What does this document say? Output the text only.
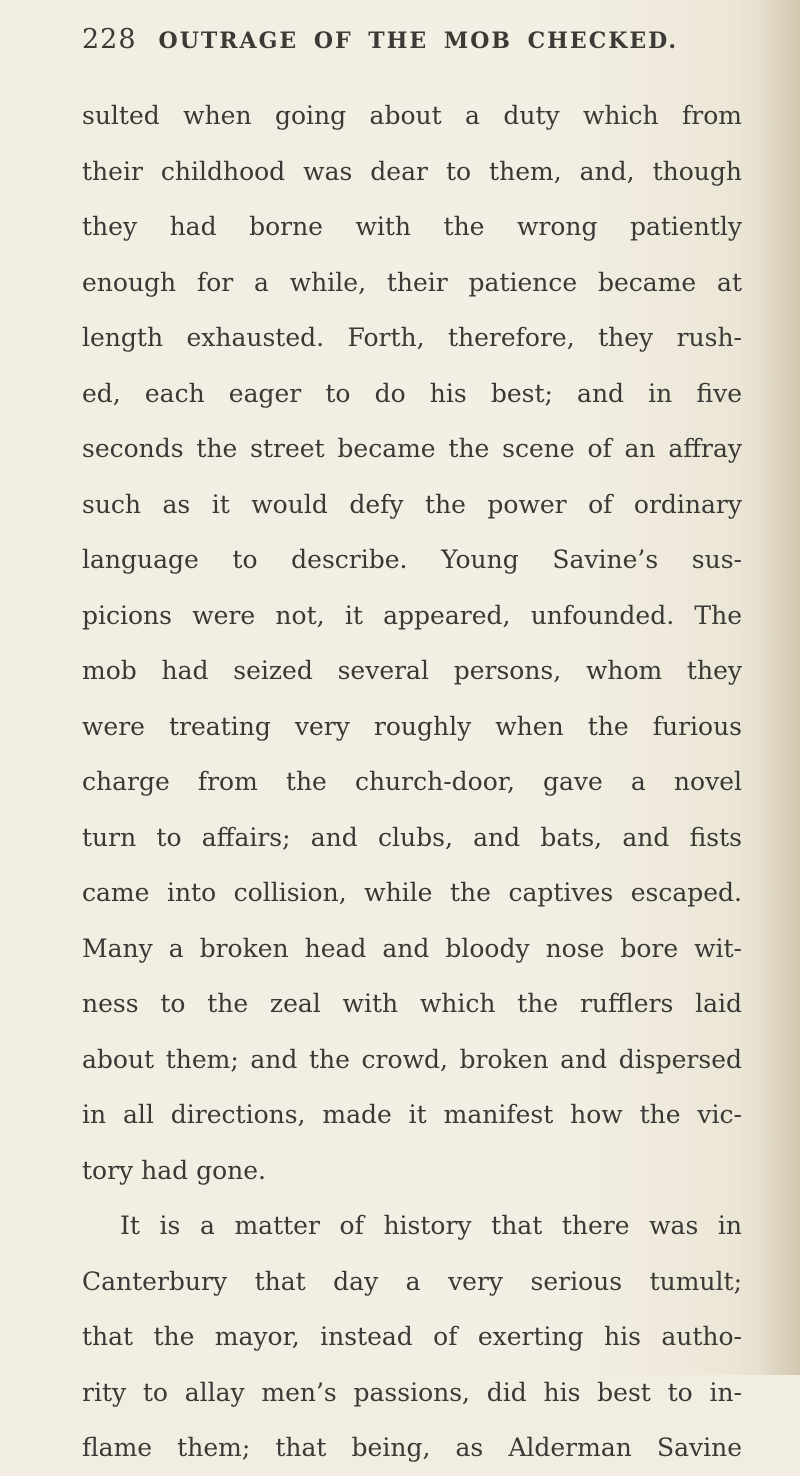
228 OUTRAGE OF THE MOB CHECKED.
sulted when going about a duty which from
their childhood was dear to them, and, though
they had borne with the wrong patiently
enough for a while, their patience became at
length exhausted. Forth, therefore, they rush-
ed, each eager to do his best; and in five
seconds the street became the scene of an affray
such as it would defy the power of ordinary
language to describe. Young Savine’s sus-
picions were not, it appeared, unfounded. The
mob had seized several persons, whom they
were treating very roughly when the furious
charge from the church-door, gave a novel
turn to affairs; and clubs, and bats, and fists
came into collision, while the captives escaped.
Many a broken head and bloody nose bore wit-
ness to the zeal with which the rufflers laid
about them; and the crowd, broken and dispersed
in all directions, made it manifest how the vic-
tory had gone.
It is a matter of history that there was in
Canterbury that day a very serious tumult;
that the mayor, instead of exerting his autho-
rity to allay men’s passions, did his best to in-
flame them; that being, as Alderman Savine
